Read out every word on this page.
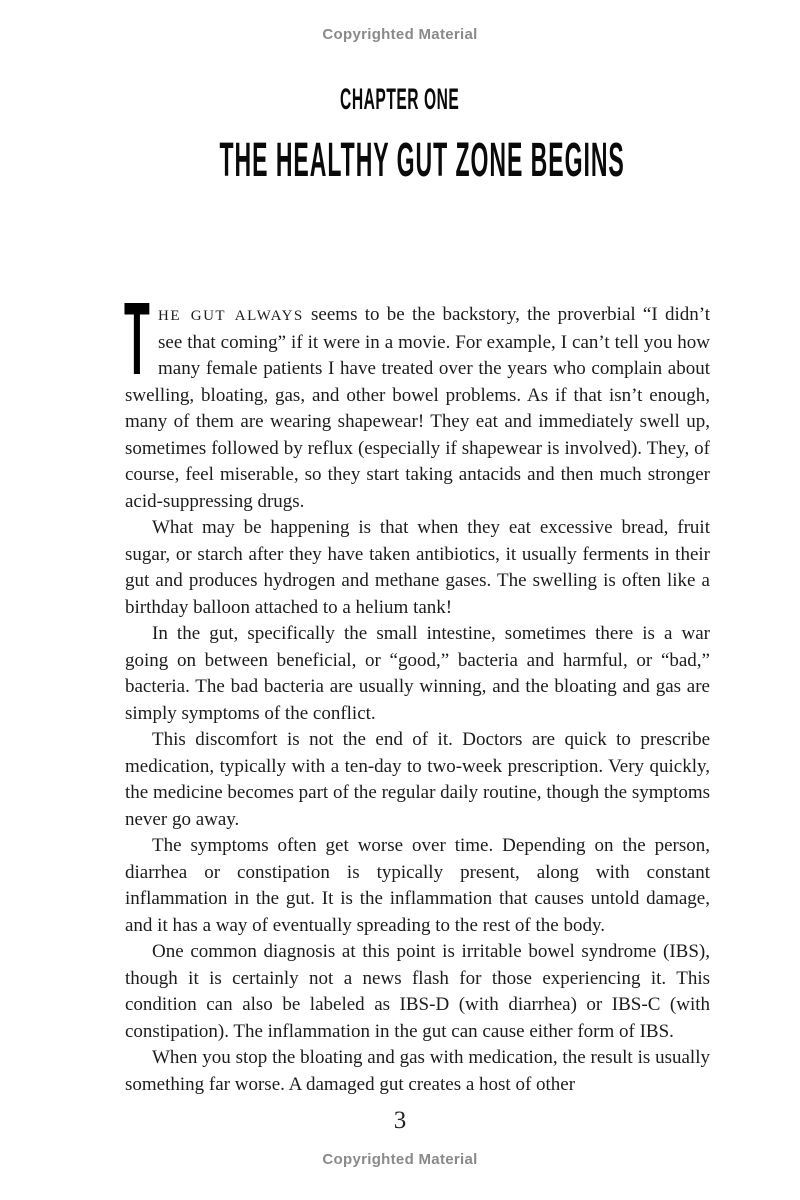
Copyrighted Material
CHAPTER ONE
THE HEALTHY GUT ZONE BEGINS

T HE GUT ALWAYS seems to be the backstory, the proverbial “I didn’t see that coming” if it were in a movie. For example, I can’t tell you how many female patients I have treated over the years who complain about swelling, bloating, gas, and other bowel problems. As if that isn’t enough, many of them are wearing shapewear! They eat and immediately swell up, sometimes followed by reflux (especially if shapewear is involved). They, of course, feel miserable, so they start taking antacids and then much stronger acid-suppressing drugs.

What may be happening is that when they eat excessive bread, fruit sugar, or starch after they have taken antibiotics, it usually ferments in their gut and produces hydrogen and methane gases. The swelling is often like a birthday balloon attached to a helium tank!

In the gut, specifically the small intestine, sometimes there is a war going on between beneficial, or “good,” bacteria and harmful, or “bad,” bacteria. The bad bacteria are usually winning, and the bloating and gas are simply symptoms of the conflict.

This discomfort is not the end of it. Doctors are quick to prescribe medication, typically with a ten-day to two-week prescription. Very quickly, the medicine becomes part of the regular daily routine, though the symptoms never go away.

The symptoms often get worse over time. Depending on the person, diarrhea or constipation is typically present, along with constant inflammation in the gut. It is the inflammation that causes untold damage, and it has a way of eventually spreading to the rest of the body.

One common diagnosis at this point is irritable bowel syndrome (IBS), though it is certainly not a news flash for those experiencing it. This condition can also be labeled as IBS-D (with diarrhea) or IBS-C (with constipation). The inflammation in the gut can cause either form of IBS.

When you stop the bloating and gas with medication, the result is usually something far worse. A damaged gut creates a host of other

3
Copyrighted Material
